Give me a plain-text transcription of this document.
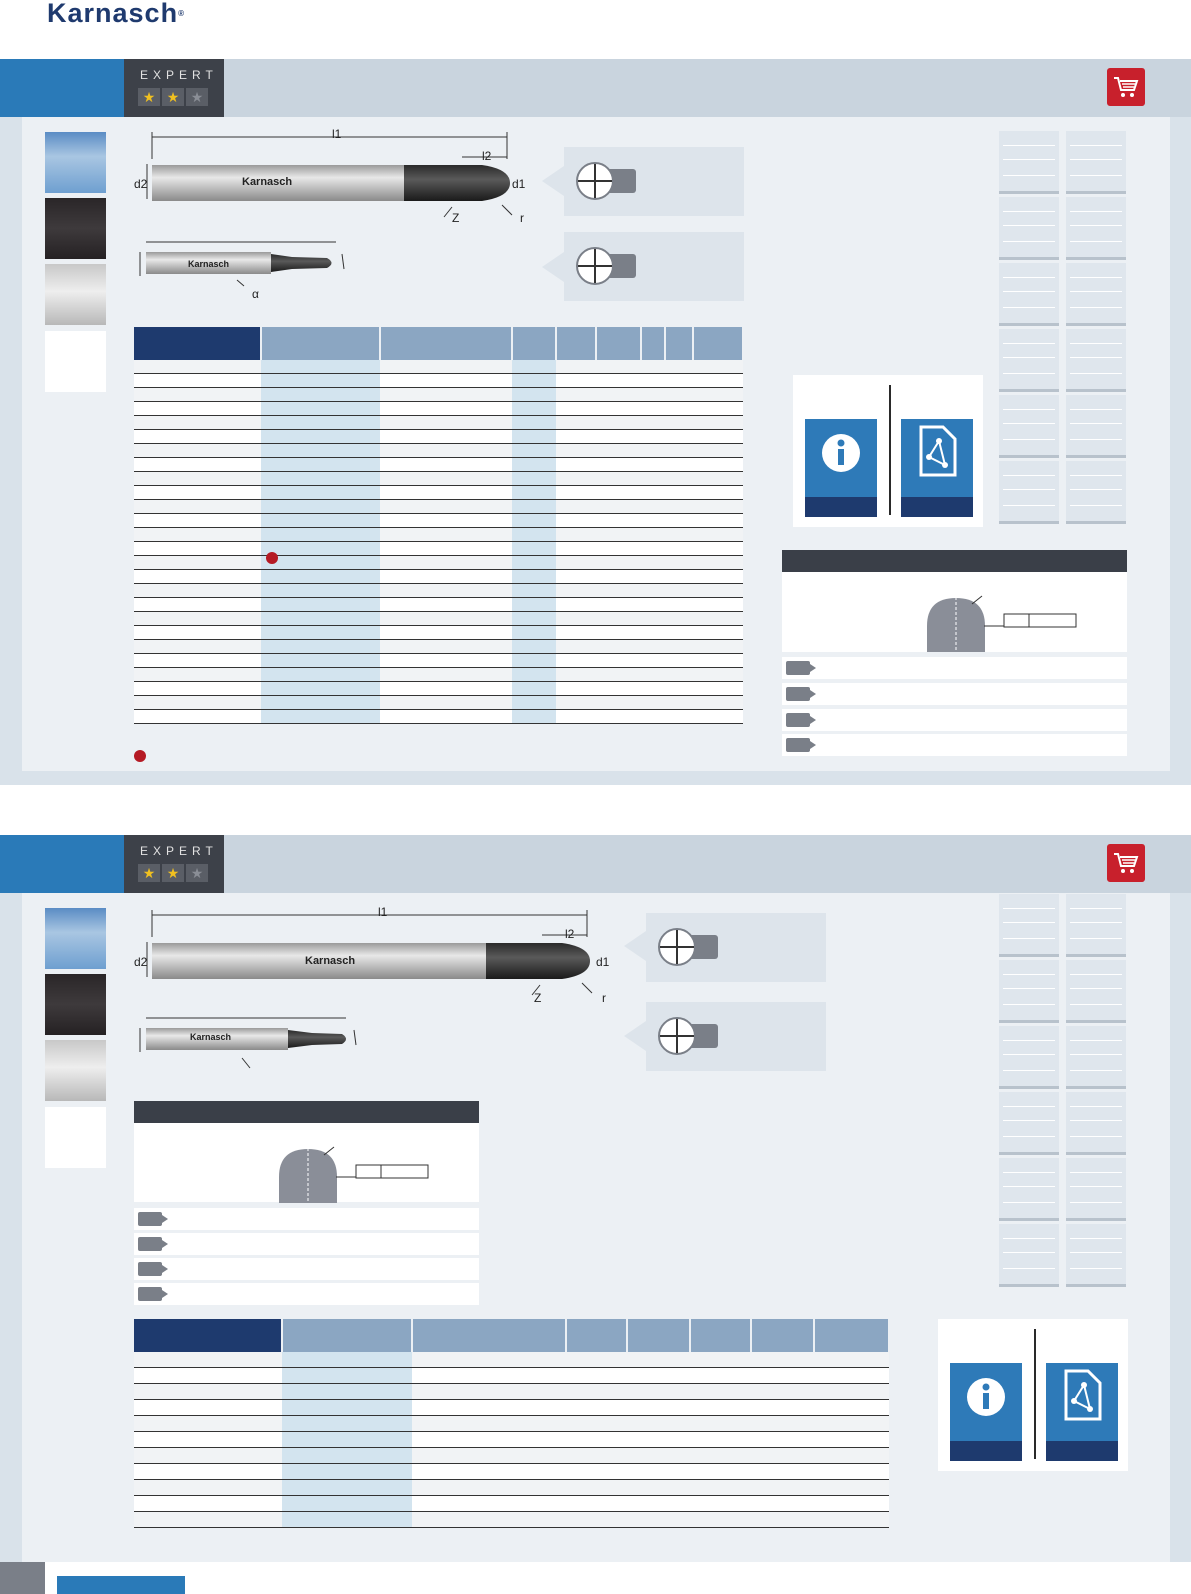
Karnasch®
EXPERT
★ ★ ★
l1
l2
d2	d1
Z	r
Karnasch
Karnasch
α

EXPERT
★ ★ ★
l1
l2
d2	d1
Z	r
Karnasch
Karnasch
